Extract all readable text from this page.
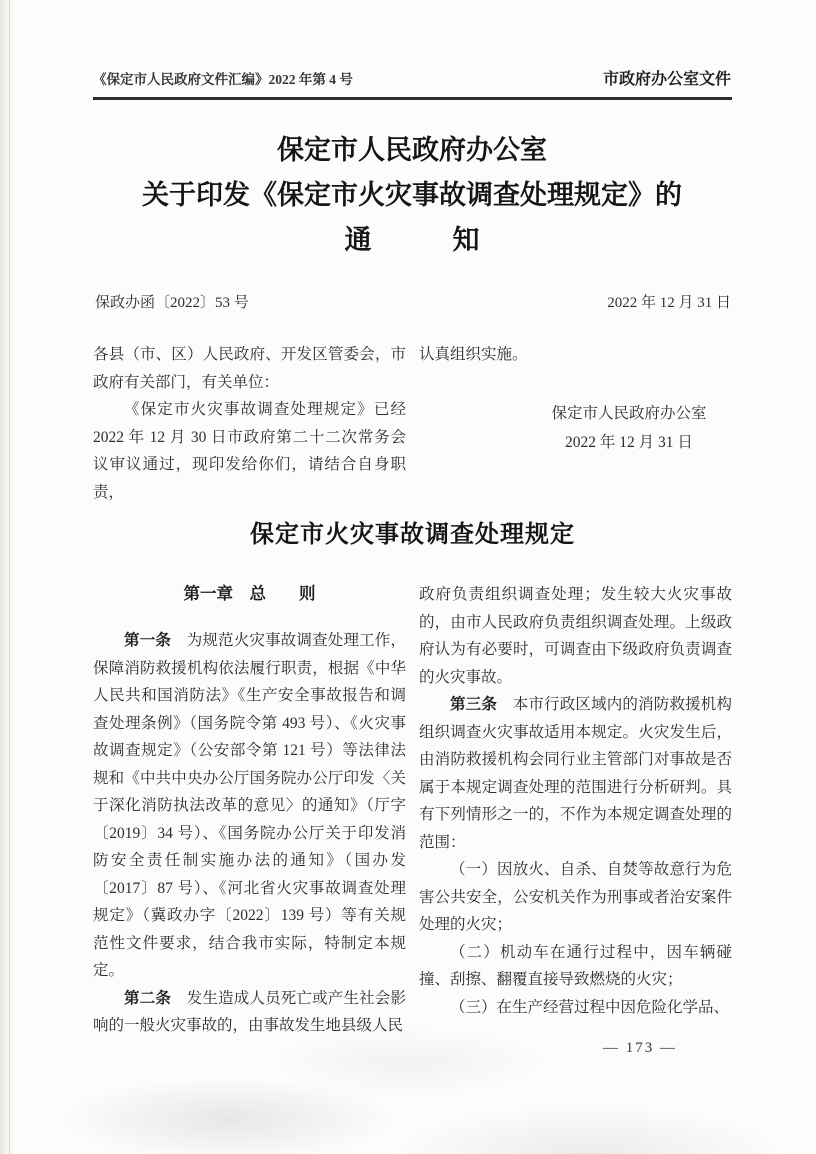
《保定市人民政府文件汇编》2022 年第 4 号	市政府办公室文件
保定市人民政府办公室
关于印发《保定市火灾事故调查处理规定》的
通　　　知
保政办函〔2022〕53 号	2022 年 12 月 31 日

各县（市、区）人民政府、开发区管委会，市政府有关部门，有关单位：

《保定市火灾事故调查处理规定》已经 2022 年 12 月 30 日市政府第二十二次常务会议审议通过，现印发给你们，请结合自身职责，

认真组织实施。

保定市人民政府办公室
2022 年 12 月 31 日
保定市火灾事故调查处理规定
第一章　总　　则

第一条　为规范火灾事故调查处理工作，保障消防救援机构依法履行职责，根据《中华人民共和国消防法》《生产安全事故报告和调查处理条例》（国务院令第 493 号）、《火灾事故调查规定》（公安部令第 121 号）等法律法规和《中共中央办公厅国务院办公厅印发〈关于深化消防执法改革的意见〉的通知》（厅字〔2019〕34 号）、《国务院办公厅关于印发消防安全责任制实施办法的通知》（国办发〔2017〕87 号）、《河北省火灾事故调查处理规定》（冀政办字〔2022〕139 号）等有关规范性文件要求，结合我市实际，特制定本规定。

第二条　发生造成人员死亡或产生社会影响的一般火灾事故的，由事故发生地县级人民

政府负责组织调查处理；发生较大火灾事故的，由市人民政府负责组织调查处理。上级政府认为有必要时，可调查由下级政府负责调查的火灾事故。

第三条　本市行政区域内的消防救援机构组织调查火灾事故适用本规定。火灾发生后，由消防救援机构会同行业主管部门对事故是否属于本规定调查处理的范围进行分析研判。具有下列情形之一的，不作为本规定调查处理的范围：

（一）因放火、自杀、自焚等故意行为危害公共安全，公安机关作为刑事或者治安案件处理的火灾；

（二）机动车在通行过程中，因车辆碰撞、刮擦、翻覆直接导致燃烧的火灾；

（三）在生产经营过程中因危险化学品、

— 173 —
